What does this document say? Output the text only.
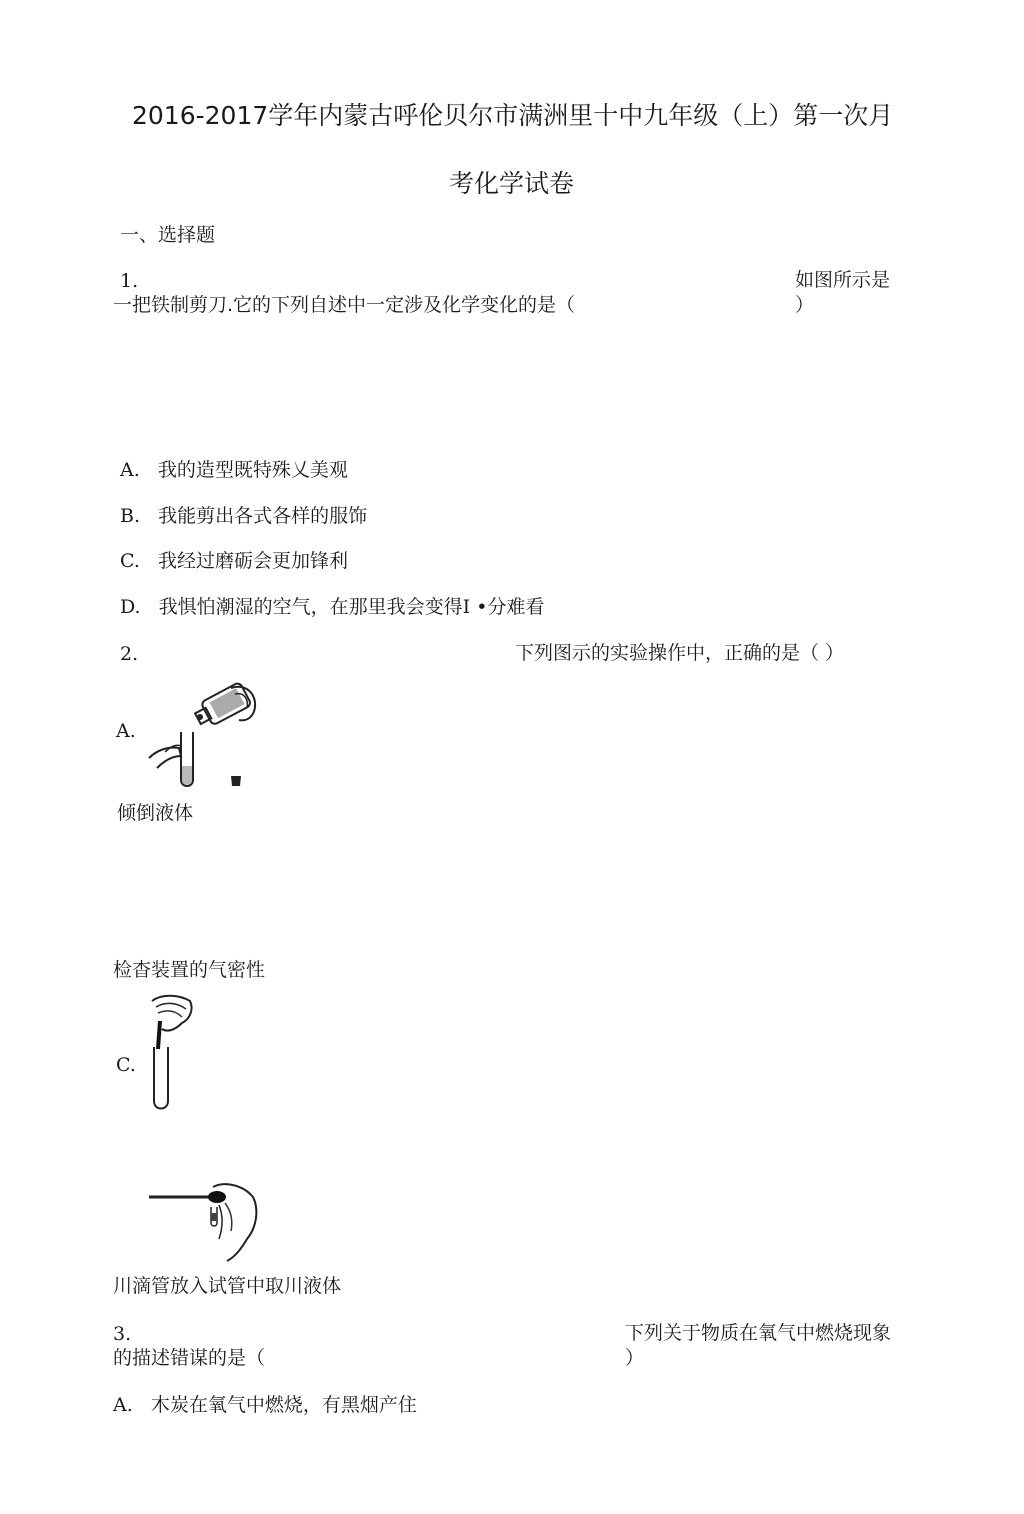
2016-2017学年内蒙古呼伦贝尔市满洲里十中九年级（上）第一次月
考化学试卷
一、选择题
1.	如图所示是
一把铁制剪刀.它的下列自述中一定涉及化学变化的是（	）
A. 我的造型既特殊乂美观
B. 我能剪出各式各样的服饰
C. 我经过磨砺会更加锋利
D. 我惧怕潮湿的空气，在那里我会变得I •分难看
2.	下列图示的实验操作中，正确的是（ ）
A.
倾倒液体
检杳装置的气密性
C.
川滴管放入试管中取川液体
3.	下列关于物质在氧气中燃烧现象
的描述错谋的是（	）
A. 木炭在氧气中燃烧，有黑烟产住
